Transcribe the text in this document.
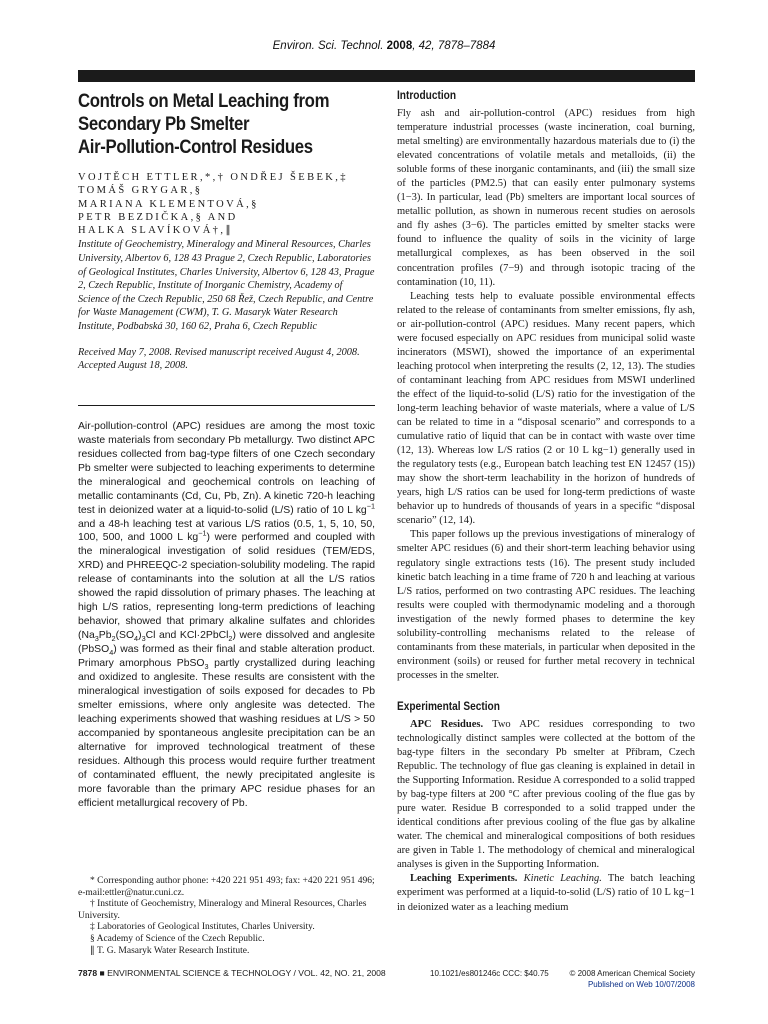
Environ. Sci. Technol. 2008, 42, 7878–7884
Controls on Metal Leaching from
Secondary Pb Smelter
Air-Pollution-Control Residues
VOJTĚCH ETTLER,*,† ONDŘEJ ŠEBEK,‡
TOMÁŠ GRYGAR,§
MARIANA KLEMENTOVÁ,§
PETR BEZDIČKA,§ AND
HALKA SLAVÍKOVÁ†,∥
Institute of Geochemistry, Mineralogy and Mineral Resources, Charles University, Albertov 6, 128 43 Prague 2, Czech Republic, Laboratories of Geological Institutes, Charles University, Albertov 6, 128 43, Prague 2, Czech Republic, Institute of Inorganic Chemistry, Academy of Science of the Czech Republic, 250 68 Řež, Czech Republic, and Centre for Waste Management (CWM), T. G. Masaryk Water Research Institute, Podbabská 30, 160 62, Praha 6, Czech Republic
Received May 7, 2008. Revised manuscript received August 4, 2008. Accepted August 18, 2008.
Air-pollution-control (APC) residues are among the most toxic waste materials from secondary Pb metallurgy. Two distinct APC residues collected from bag-type filters of one Czech secondary Pb smelter were subjected to leaching experiments to determine the mineralogical and geochemical controls on leaching of metallic contaminants (Cd, Cu, Pb, Zn). A kinetic 720-h leaching test in deionized water at a liquid-to-solid (L/S) ratio of 10 L $kg^{-1}$ and a 48-h leaching test at various L/S ratios (0.5, 1, 5, 10, 50, 100, 500, and 1000 L $kg^{-1}$) were performed and coupled with the mineralogical investigation of solid residues (TEM/EDS, XRD) and PHREEQC-2 speciation-solubility modeling. The rapid release of contaminants into the solution at all the L/S ratios showed the rapid dissolution of primary phases. The leaching at high L/S ratios, representing long-term predictions of leaching behavior, showed that primary alkaline sulfates and chlorides ($Na_3Pb_2(SO_4)_3Cl$ and KCl·2PbCl$_2$) were dissolved and anglesite (PbSO$_4$) was formed as their final and stable alteration product. Primary amorphous PbSO$_3$ partly crystallized during leaching and oxidized to anglesite. These results are consistent with the mineralogical investigation of soils exposed for decades to Pb smelter emissions, where only anglesite was detected. The leaching experiments showed that washing residues at L/S > 50 accompanied by spontaneous anglesite precipitation can be an alternative for improved technological treatment of these residues. Although this process would require further treatment of contaminated effluent, the newly precipitated anglesite is more favorable than the primary APC residue phases for an efficient metallurgical recovery of Pb.

* Corresponding author phone: +420 221 951 493; fax: +420 221 951 496; e-mail:ettler@natur.cuni.cz.

† Institute of Geochemistry, Mineralogy and Mineral Resources, Charles University.

‡ Laboratories of Geological Institutes, Charles University.

§ Academy of Science of the Czech Republic.

∥ T. G. Masaryk Water Research Institute.

Introduction

Fly ash and air-pollution-control (APC) residues from high temperature industrial processes (waste incineration, coal burning, metal smelting) are environmentally hazardous materials due to (i) the elevated concentrations of volatile metals and metalloids, (ii) the soluble forms of these inorganic contaminants, and (iii) the small size of the particles (PM2.5) that can easily enter pulmonary systems (1−3). In particular, lead (Pb) smelters are important local sources of metallic pollution, as shown in numerous recent studies on aerosols and fly ashes (3−6). The particles emitted by smelter stacks were found to influence the quality of soils in the vicinity of large metallurgical complexes, as has been observed in the soil concentration profiles (7−9) and through isotopic tracing of the contamination (10, 11).

Leaching tests help to evaluate possible environmental effects related to the release of contaminants from smelter emissions, fly ash, or air-pollution-control (APC) residues. Many recent papers, which were focused especially on APC residues from municipal solid waste incinerators (MSWI), showed the importance of an experimental leaching protocol when interpreting the results (2, 12, 13). The studies of contaminant leaching from APC residues from MSWI underlined the effect of the liquid-to-solid (L/S) ratio for the investigation of the long-term leaching behavior of waste materials, where a value of L/S can be related to time in a “disposal scenario” and corresponds to a cumulative ratio of liquid that can be in contact with waste over time (12, 13). Whereas low L/S ratios (2 or 10 L kg−1) generally used in the regulatory tests (e.g., European batch leaching test EN 12457 (15)) may show the short-term leachability in the horizon of hundreds of years, high L/S ratios can be used for long-term predictions of waste behavior up to hundreds of thousands of years in a specific “disposal scenario” (12, 14).

This paper follows up the previous investigations of mineralogy of smelter APC residues (6) and their short-term leaching behavior using regulatory single extractions tests (16). The present study included kinetic batch leaching in a time frame of 720 h and leaching at various L/S ratios, performed on two contrasting APC residues. The leaching results were coupled with thermodynamic modeling and a thorough investigation of the newly formed phases to determine the key solubility-controlling mechanisms related to the release of contaminants from these materials, in particular when deposited in the environment (soils) or reused for further metal recovery in technical processes in the smelter.

Experimental Section

APC Residues. Two APC residues corresponding to two technologically distinct samples were collected at the bottom of the bag-type filters in the secondary Pb smelter at Příbram, Czech Republic. The technology of flue gas cleaning is explained in detail in the Supporting Information. Residue A corresponded to a solid trapped by bag-type filters at 200 °C after previous cooling of the flue gas by pure water. Residue B corresponded to a solid trapped under the identical conditions after previous cooling of the flue gas by alkaline water. The chemical and mineralogical compositions of both residues are given in Table 1. The methodology of chemical and mineralogical analyses is given in the Supporting Information.

Leaching Experiments. Kinetic Leaching. The batch leaching experiment was performed at a liquid-to-solid (L/S) ratio of 10 L kg−1 in deionized water as a leaching medium

7878 ■ ENVIRONMENTAL SCIENCE & TECHNOLOGY / VOL. 42, NO. 21, 2008	10.1021/es801246c CCC: $40.75	© 2008 American Chemical Society
Published on Web 10/07/2008
